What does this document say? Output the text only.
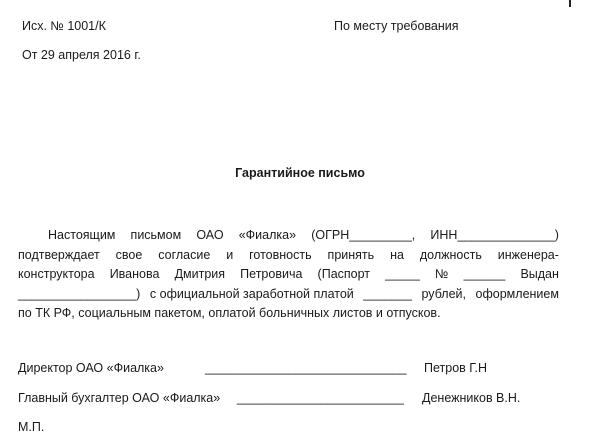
Исх. № 1001/К
От 29 апреля 2016 г.
По месту требования
Гарантийное письмо
Настоящим письмом ОАО «Фиалка» (ОГРН_________, ИНН______________)
подтверждает свое согласие и готовность принять на должность инженера-
конструктора Иванова Дмитрия Петровича (Паспорт _____ № ______ Выдан
_________________) с официальной заработной платой _______ рублей, оформлением
по ТК РФ, социальным пакетом, оплатой больничных листов и отпусков.
Директор ОАО «Фиалка»	_____________________________ Петров Г.Н
Главный бухгалтер ОАО «Фиалка» ________________________ Денежников В.Н.
М.П.
